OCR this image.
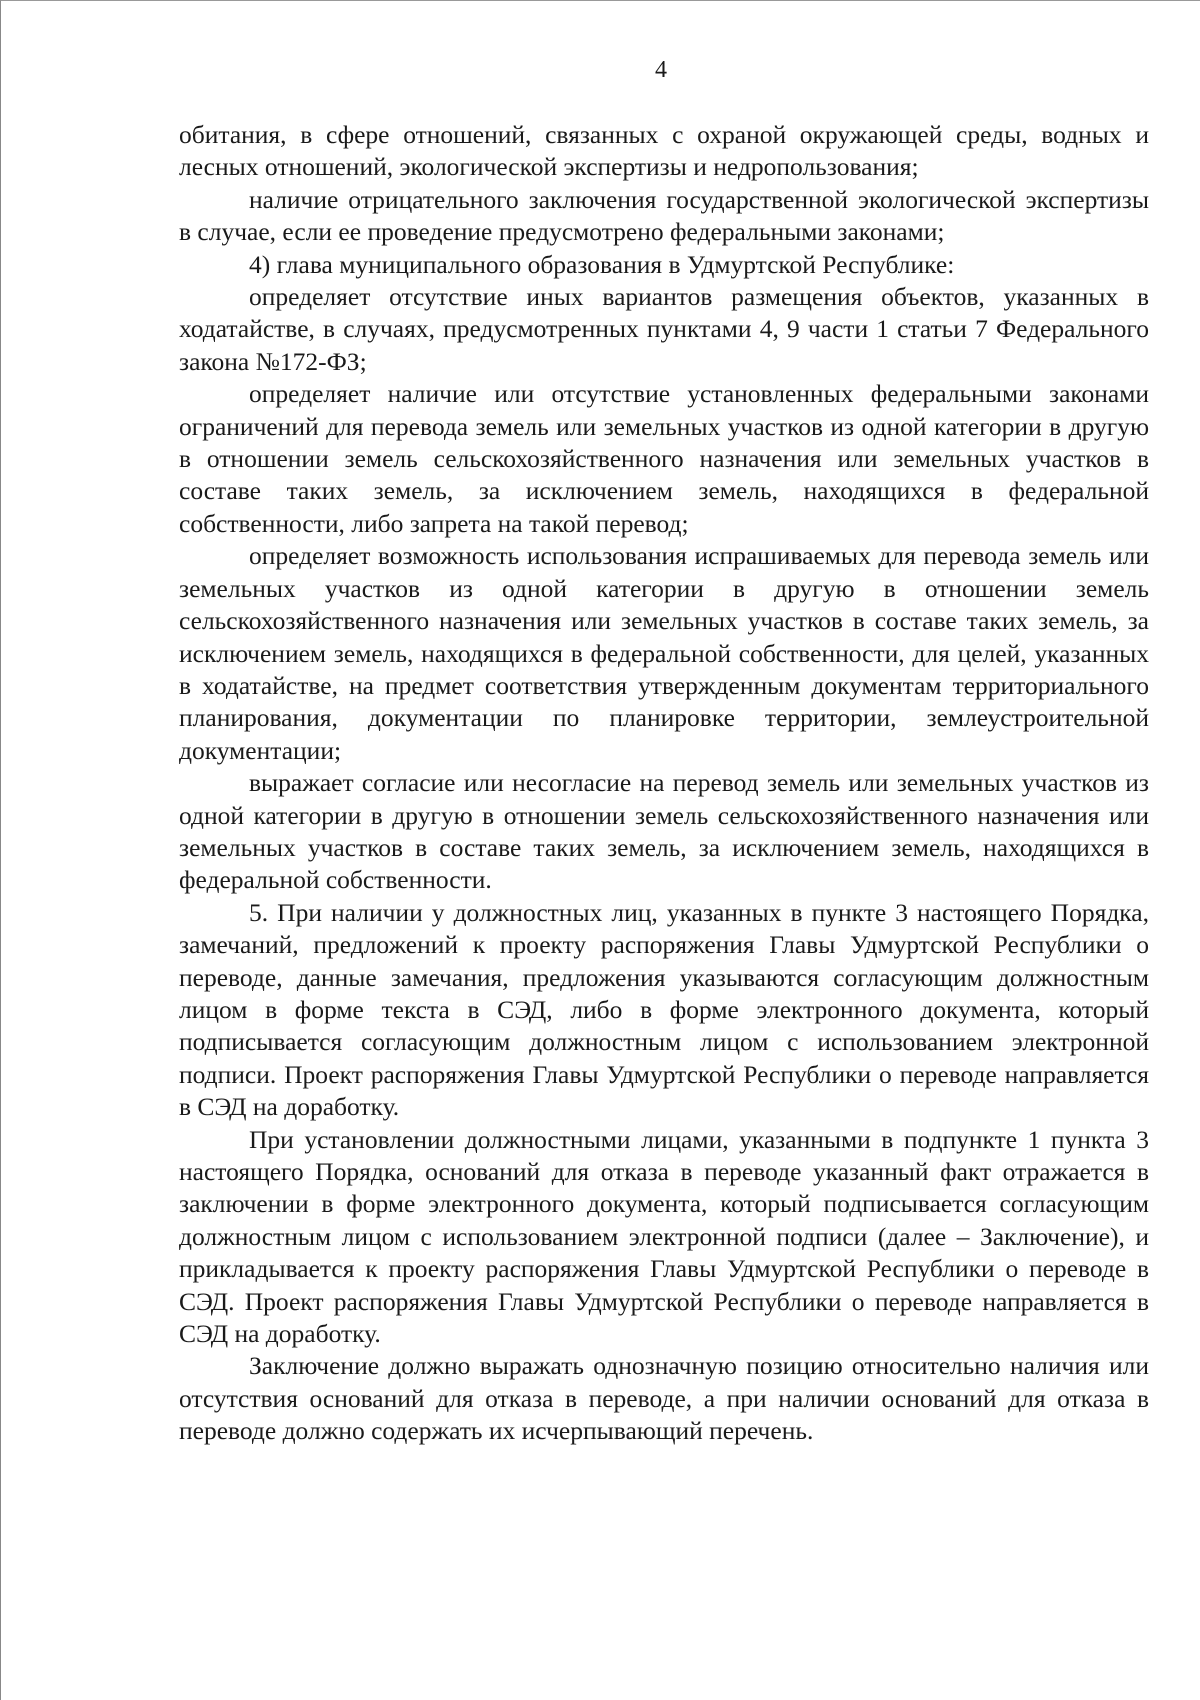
4

обитания, в сфере отношений, связанных с охраной окружающей среды, водных и лесных отношений, экологической экспертизы и недропользования;

наличие отрицательного заключения государственной экологической экспертизы в случае, если ее проведение предусмотрено федеральными законами;

4) глава муниципального образования в Удмуртской Республике:

определяет отсутствие иных вариантов размещения объектов, указанных в ходатайстве, в случаях, предусмотренных пунктами 4, 9 части 1 статьи 7 Федерального закона №172-ФЗ;

определяет наличие или отсутствие установленных федеральными законами ограничений для перевода земель или земельных участков из одной категории в другую в отношении земель сельскохозяйственного назначения или земельных участков в составе таких земель, за исключением земель, находящихся в федеральной собственности, либо запрета на такой перевод;

определяет возможность использования испрашиваемых для перевода земель или земельных участков из одной категории в другую в отношении земель сельскохозяйственного назначения или земельных участков в составе таких земель, за исключением земель, находящихся в федеральной собственности, для целей, указанных в ходатайстве, на предмет соответствия утвержденным документам территориального планирования, документации по планировке территории, землеустроительной документации;

выражает согласие или несогласие на перевод земель или земельных участков из одной категории в другую в отношении земель сельскохозяйственного назначения или земельных участков в составе таких земель, за исключением земель, находящихся в федеральной собственности.

5. При наличии у должностных лиц, указанных в пункте 3 настоящего Порядка, замечаний, предложений к проекту распоряжения Главы Удмуртской Республики о переводе, данные замечания, предложения указываются согласующим должностным лицом в форме текста в СЭД, либо в форме электронного документа, который подписывается согласующим должностным лицом с использованием электронной подписи. Проект распоряжения Главы Удмуртской Республики о переводе направляется в СЭД на доработку.

При установлении должностными лицами, указанными в подпункте 1 пункта 3 настоящего Порядка, оснований для отказа в переводе указанный факт отражается в заключении в форме электронного документа, который подписывается согласующим должностным лицом с использованием электронной подписи (далее – Заключение), и прикладывается к проекту распоряжения Главы Удмуртской Республики о переводе в СЭД. Проект распоряжения Главы Удмуртской Республики о переводе направляется в СЭД на доработку.

Заключение должно выражать однозначную позицию относительно наличия или отсутствия оснований для отказа в переводе, а при наличии оснований для отказа в переводе должно содержать их исчерпывающий перечень.
